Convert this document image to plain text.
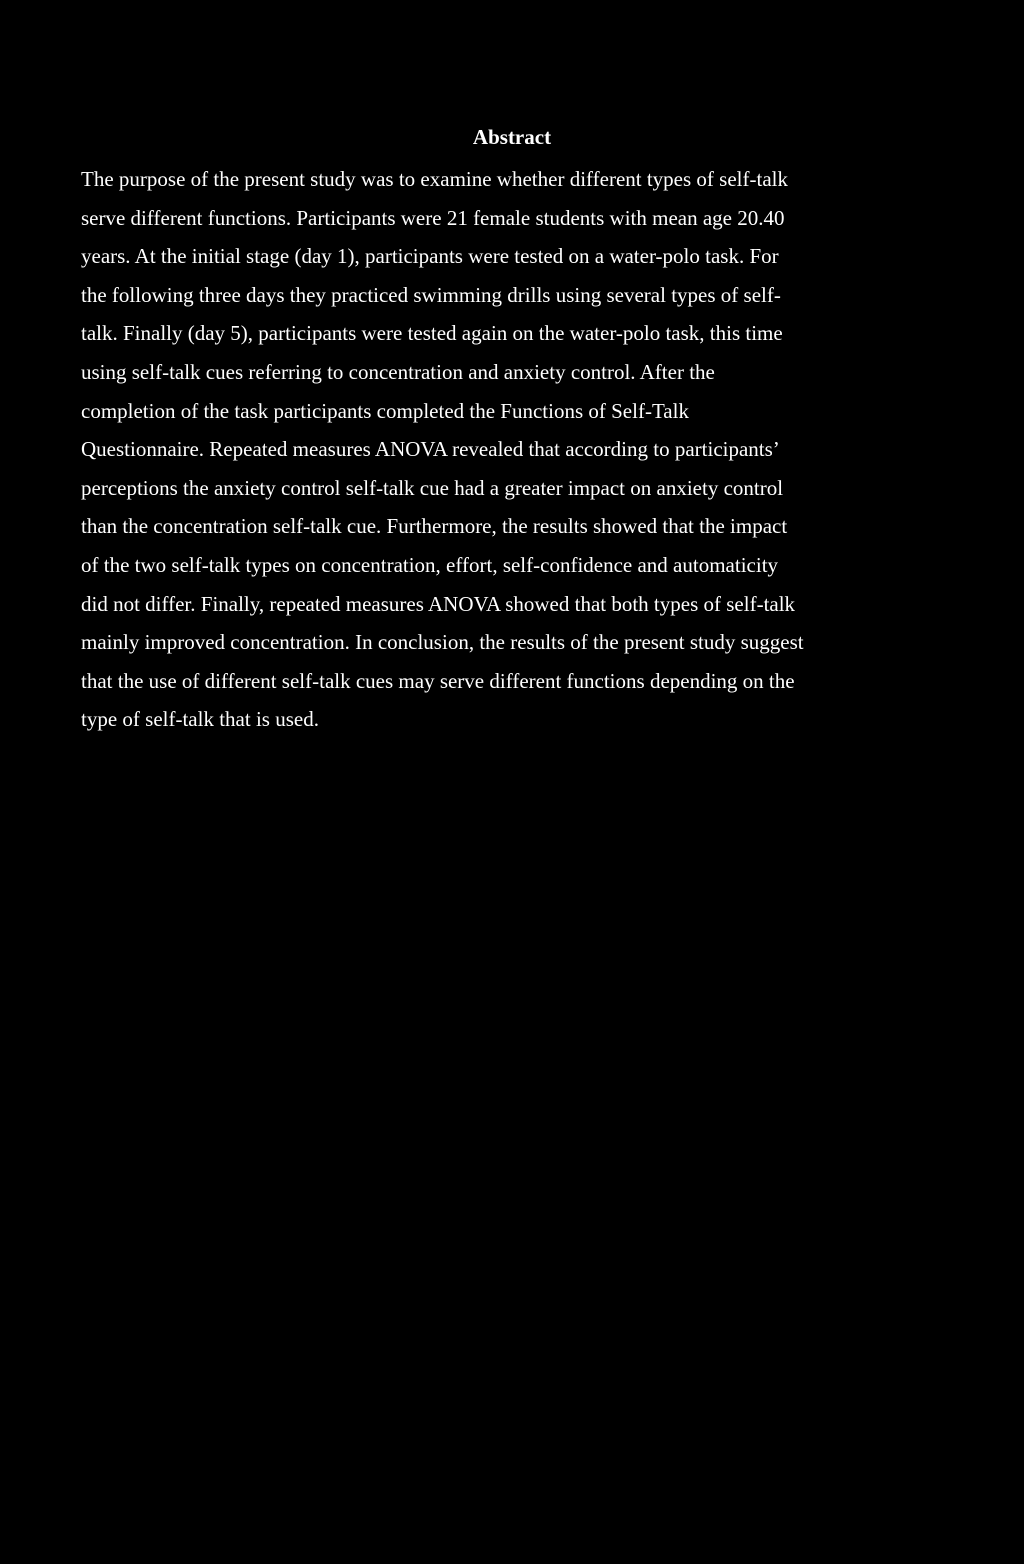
Abstract
The purpose of the present study was to examine whether different types of self-talk
serve different functions. Participants were 21 female students with mean age 20.40
years. At the initial stage (day 1), participants were tested on a water-polo task. For
the following three days they practiced swimming drills using several types of self-
talk. Finally (day 5), participants were tested again on the water-polo task, this time
using self-talk cues referring to concentration and anxiety control. After the
completion of the task participants completed the Functions of Self-Talk
Questionnaire. Repeated measures ANOVA revealed that according to participants’
perceptions the anxiety control self-talk cue had a greater impact on anxiety control
than the concentration self-talk cue. Furthermore, the results showed that the impact
of the two self-talk types on concentration, effort, self-confidence and automaticity
did not differ. Finally, repeated measures ANOVA showed that both types of self-talk
mainly improved concentration. In conclusion, the results of the present study suggest
that the use of different self-talk cues may serve different functions depending on the
type of self-talk that is used.
